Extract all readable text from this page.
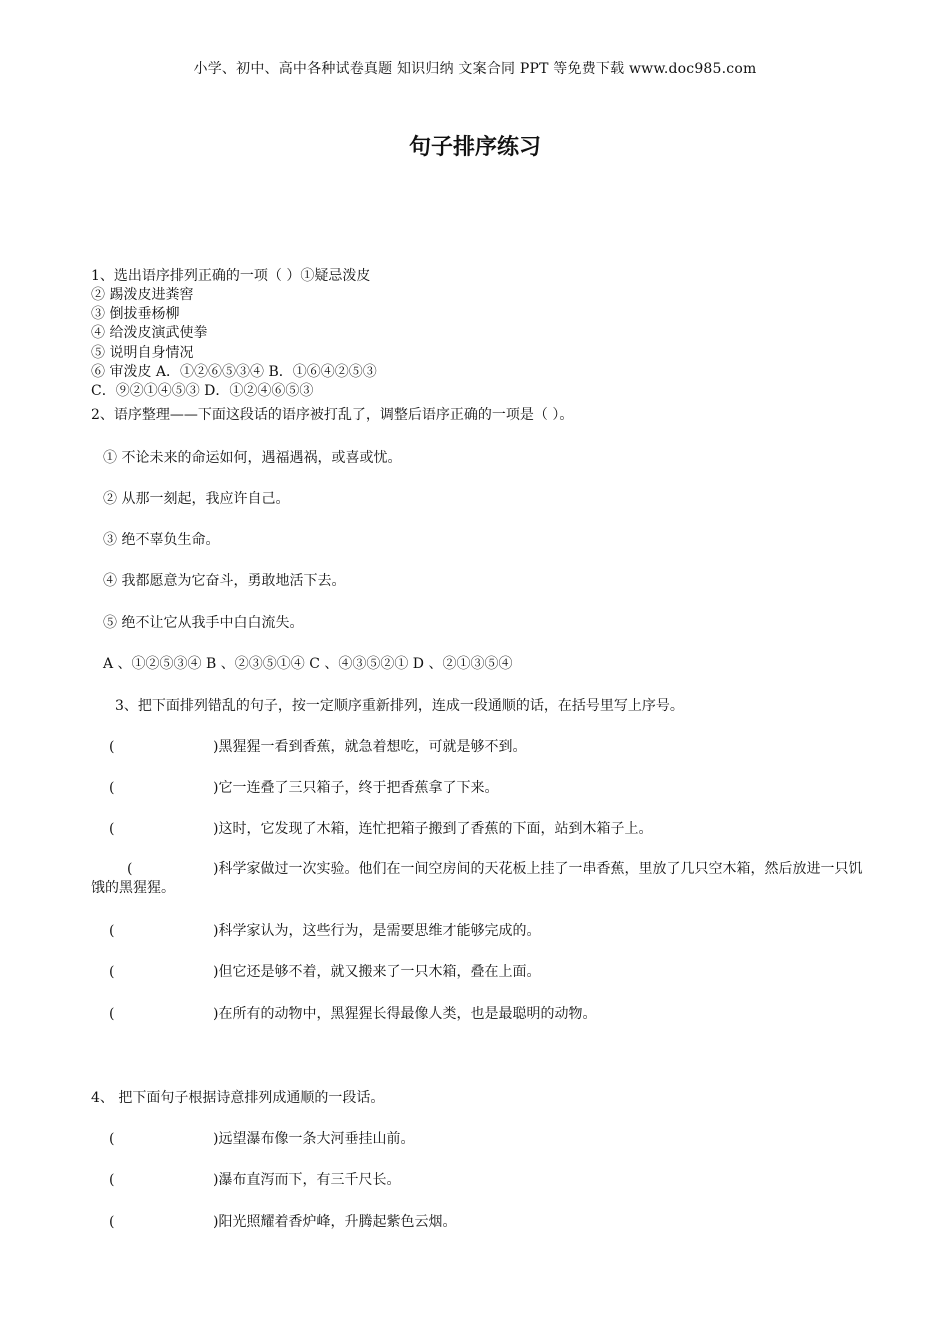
小学、初中、高中各种试卷真题 知识归纳 文案合同 PPT 等免费下载 www.doc985.com
句子排序练习
1、选出语序排列正确的一项（ ）①疑忌泼皮
② 踢泼皮进粪窖
③ 倒拔垂杨柳
④ 给泼皮演武使拳
⑤ 说明自身情况
⑥ 审泼皮 A．①②⑥⑤③④ B．①⑥④②⑤③
C．⑨②①④⑤③ D．①②④⑥⑤③
2、语序整理——下面这段话的语序被打乱了，调整后语序正确的一项是（ ）。
① 不论未来的命运如何，遇福遇祸，或喜或忧。
② 从那一刻起，我应许自己。
③ 绝不辜负生命。
④ 我都愿意为它奋斗，勇敢地活下去。
⑤ 绝不让它从我手中白白流失。
A 、①②⑤③④ B 、②③⑤①④ C 、④③⑤②① D 、②①③⑤④
3、把下面排列错乱的句子，按一定顺序重新排列，连成一段通顺的话，在括号里写上序号。
(	)黑猩猩一看到香蕉，就急着想吃，可就是够不到。
(	)它一连叠了三只箱子，终于把香蕉拿了下来。
(	)这时，它发现了木箱，连忙把箱子搬到了香蕉的下面，站到木箱子上。
(	)科学家做过一次实验。他们在一间空房间的天花板上挂了一串香蕉，里放了几只空木箱，然后放进一只饥饿的黑猩猩。
(	)科学家认为，这些行为，是需要思维才能够完成的。
(	)但它还是够不着，就又搬来了一只木箱，叠在上面。
(	)在所有的动物中，黑猩猩长得最像人类，也是最聪明的动物。
4、 把下面句子根据诗意排列成通顺的一段话。
(	)远望瀑布像一条大河垂挂山前。
(	)瀑布直泻而下，有三千尺长。
(	)阳光照耀着香炉峰，升腾起紫色云烟。
